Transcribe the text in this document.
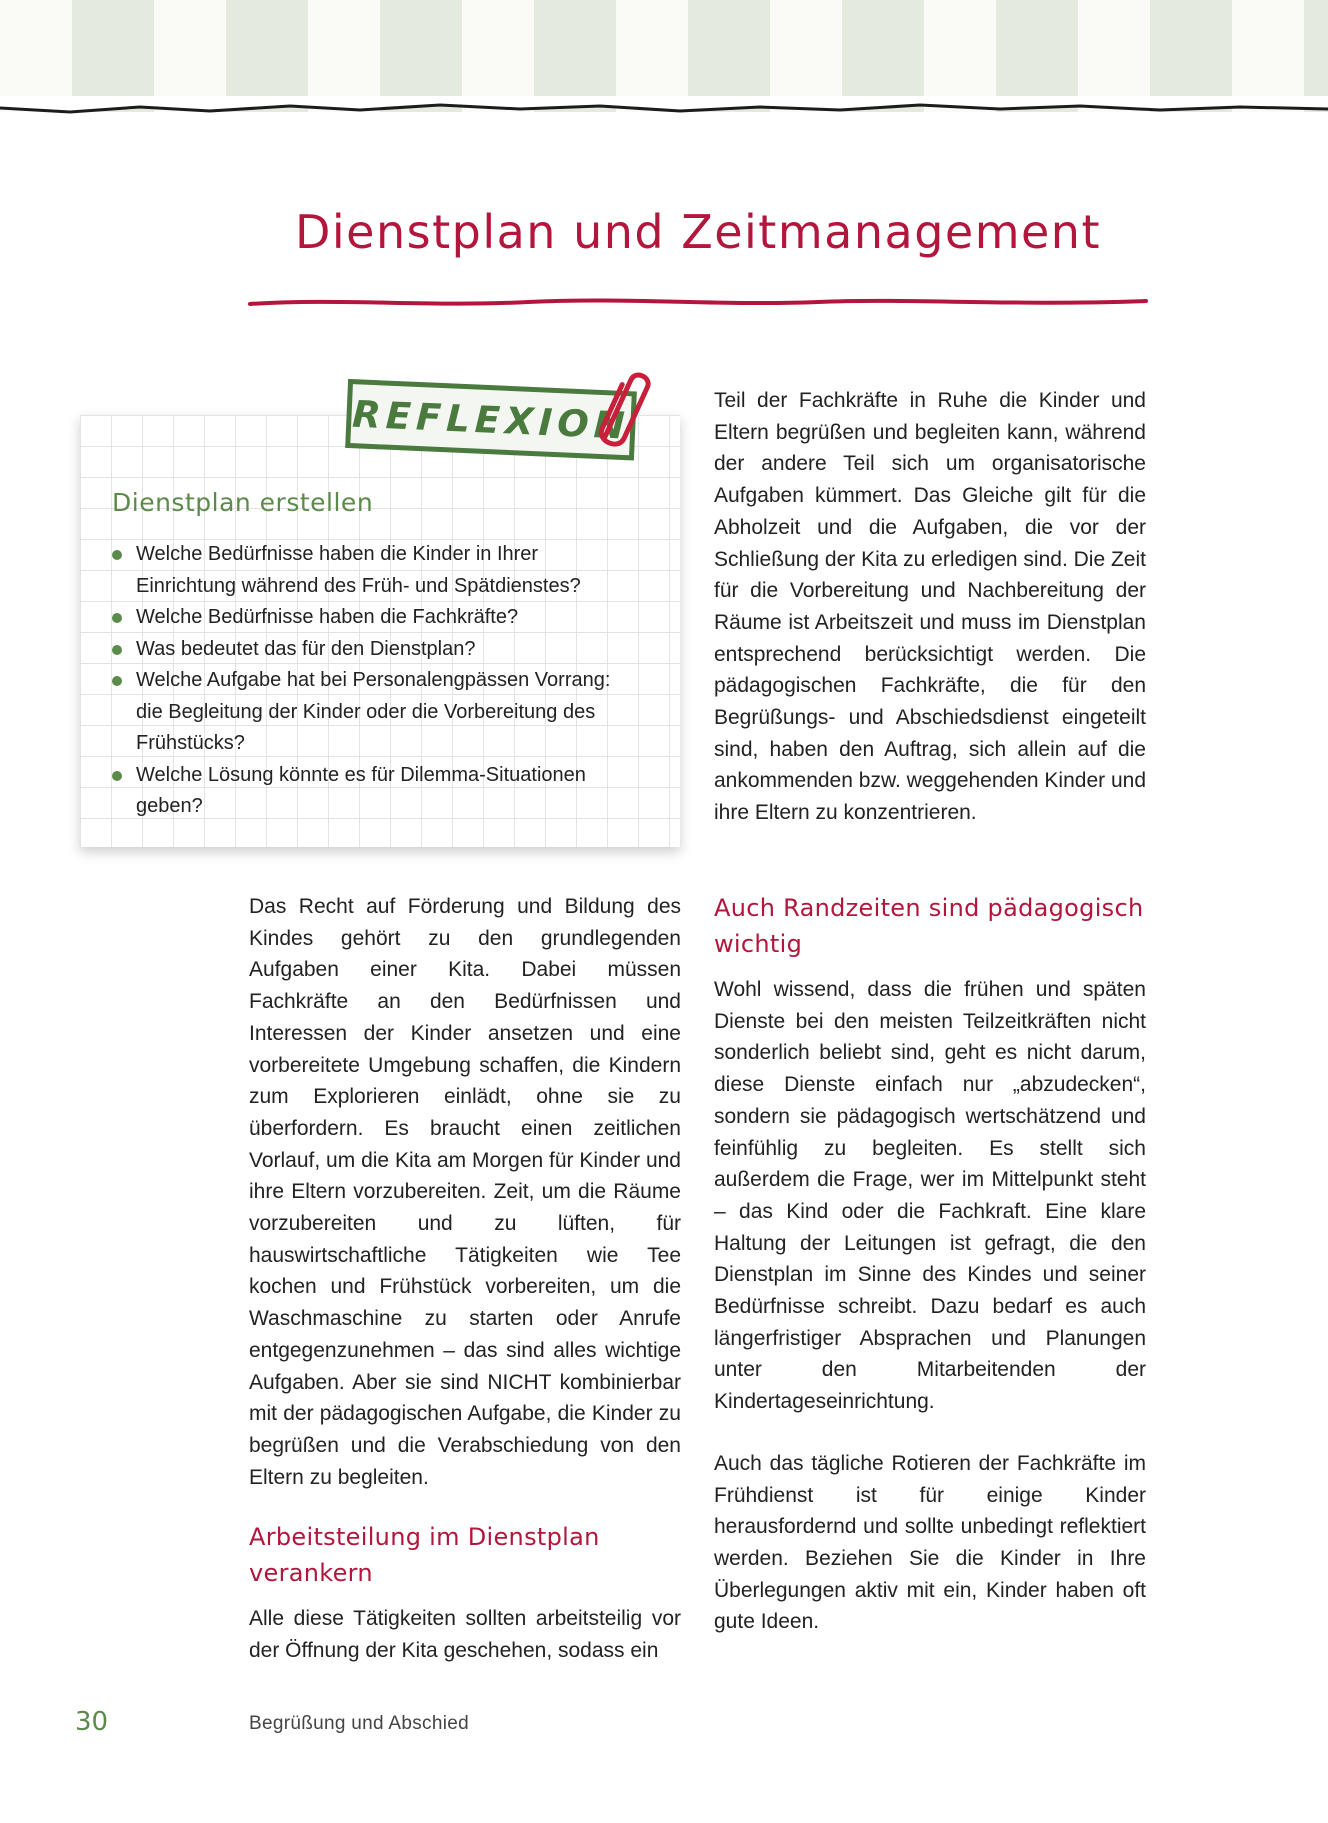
Dienstplan und Zeitmanagement
REFLEXION
Dienstplan erstellen
Welche Bedürfnisse haben die Kinder in Ihrer Einrichtung während des Früh- und Spätdienstes?
Welche Bedürfnisse haben die Fachkräfte?
Was bedeutet das für den Dienstplan?
Welche Aufgabe hat bei Personalengpässen Vorrang: die Begleitung der Kinder oder die Vorbereitung des Frühstücks?
Welche Lösung könnte es für Dilemma-Situationen geben?

Das Recht auf Förderung und Bildung des Kindes gehört zu den grundlegenden Aufgaben einer Kita. Dabei müssen Fachkräfte an den Bedürfnissen und Interessen der Kinder ansetzen und eine vorbereitete Umgebung schaffen, die Kindern zum Explorieren einlädt, ohne sie zu überfordern. Es braucht einen zeitlichen Vorlauf, um die Kita am Morgen für Kinder und ihre Eltern vorzubereiten. Zeit, um die Räume vorzubereiten und zu lüften, für hauswirtschaftliche Tätigkeiten wie Tee kochen und Frühstück vorbereiten, um die Waschmaschine zu starten oder Anrufe entgegenzunehmen – das sind alles wichtige Aufgaben. Aber sie sind NICHT kombinierbar mit der pädagogischen Aufgabe, die Kinder zu begrüßen und die Verabschiedung von den Eltern zu begleiten.

Arbeitsteilung im Dienstplan verankern

Alle diese Tätigkeiten sollten arbeitsteilig vor der Öffnung der Kita geschehen, sodass ein

Teil der Fachkräfte in Ruhe die Kinder und Eltern begrüßen und begleiten kann, während der andere Teil sich um organisatorische Aufgaben kümmert. Das Gleiche gilt für die Abholzeit und die Aufgaben, die vor der Schließung der Kita zu erledigen sind. Die Zeit für die Vorbereitung und Nachbereitung der Räume ist Arbeitszeit und muss im Dienstplan entsprechend berücksichtigt werden. Die pädagogischen Fachkräfte, die für den Begrüßungs- und Abschiedsdienst eingeteilt sind, haben den Auftrag, sich allein auf die ankommenden bzw. weggehenden Kinder und ihre Eltern zu konzentrieren.

Auch Randzeiten sind pädagogisch wichtig

Wohl wissend, dass die frühen und späten Dienste bei den meisten Teilzeitkräften nicht sonderlich beliebt sind, geht es nicht darum, diese Dienste einfach nur „abzudecken“, sondern sie pädagogisch wertschätzend und feinfühlig zu begleiten. Es stellt sich außerdem die Frage, wer im Mittelpunkt steht – das Kind oder die Fachkraft. Eine klare Haltung der Leitungen ist gefragt, die den Dienstplan im Sinne des Kindes und seiner Bedürfnisse schreibt. Dazu bedarf es auch längerfristiger Absprachen und Planungen unter den Mitarbeitenden der Kindertageseinrichtung.

Auch das tägliche Rotieren der Fachkräfte im Frühdienst ist für einige Kinder herausfordernd und sollte unbedingt reflektiert werden. Beziehen Sie die Kinder in Ihre Überlegungen aktiv mit ein, Kinder haben oft gute Ideen.

30	Begrüßung und Abschied
